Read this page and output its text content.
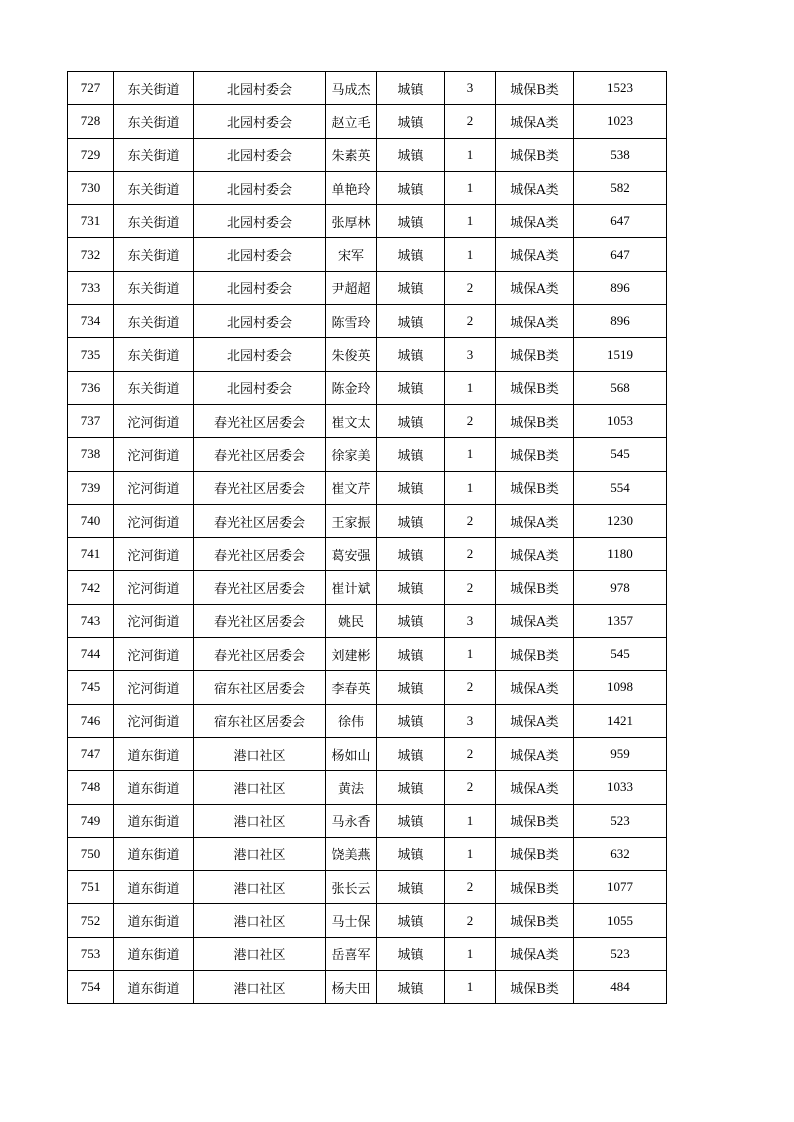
727	东关街道	北园村委会	马成杰	城镇	3	城保B类	1523
728	东关街道	北园村委会	赵立毛	城镇	2	城保A类	1023
729	东关街道	北园村委会	朱素英	城镇	1	城保B类	538
730	东关街道	北园村委会	单艳玲	城镇	1	城保A类	582
731	东关街道	北园村委会	张厚林	城镇	1	城保A类	647
732	东关街道	北园村委会	宋军	城镇	1	城保A类	647
733	东关街道	北园村委会	尹超超	城镇	2	城保A类	896
734	东关街道	北园村委会	陈雪玲	城镇	2	城保A类	896
735	东关街道	北园村委会	朱俊英	城镇	3	城保B类	1519
736	东关街道	北园村委会	陈金玲	城镇	1	城保B类	568
737	沱河街道	春光社区居委会	崔文太	城镇	2	城保B类	1053
738	沱河街道	春光社区居委会	徐家美	城镇	1	城保B类	545
739	沱河街道	春光社区居委会	崔文芹	城镇	1	城保B类	554
740	沱河街道	春光社区居委会	王家振	城镇	2	城保A类	1230
741	沱河街道	春光社区居委会	葛安强	城镇	2	城保A类	1180
742	沱河街道	春光社区居委会	崔计斌	城镇	2	城保B类	978
743	沱河街道	春光社区居委会	姚民	城镇	3	城保A类	1357
744	沱河街道	春光社区居委会	刘建彬	城镇	1	城保B类	545
745	沱河街道	宿东社区居委会	李春英	城镇	2	城保A类	1098
746	沱河街道	宿东社区居委会	徐伟	城镇	3	城保A类	1421
747	道东街道	港口社区	杨如山	城镇	2	城保A类	959
748	道东街道	港口社区	黄法	城镇	2	城保A类	1033
749	道东街道	港口社区	马永香	城镇	1	城保B类	523
750	道东街道	港口社区	饶美燕	城镇	1	城保B类	632
751	道东街道	港口社区	张长云	城镇	2	城保B类	1077
752	道东街道	港口社区	马士保	城镇	2	城保B类	1055
753	道东街道	港口社区	岳喜军	城镇	1	城保A类	523
754	道东街道	港口社区	杨夫田	城镇	1	城保B类	484
